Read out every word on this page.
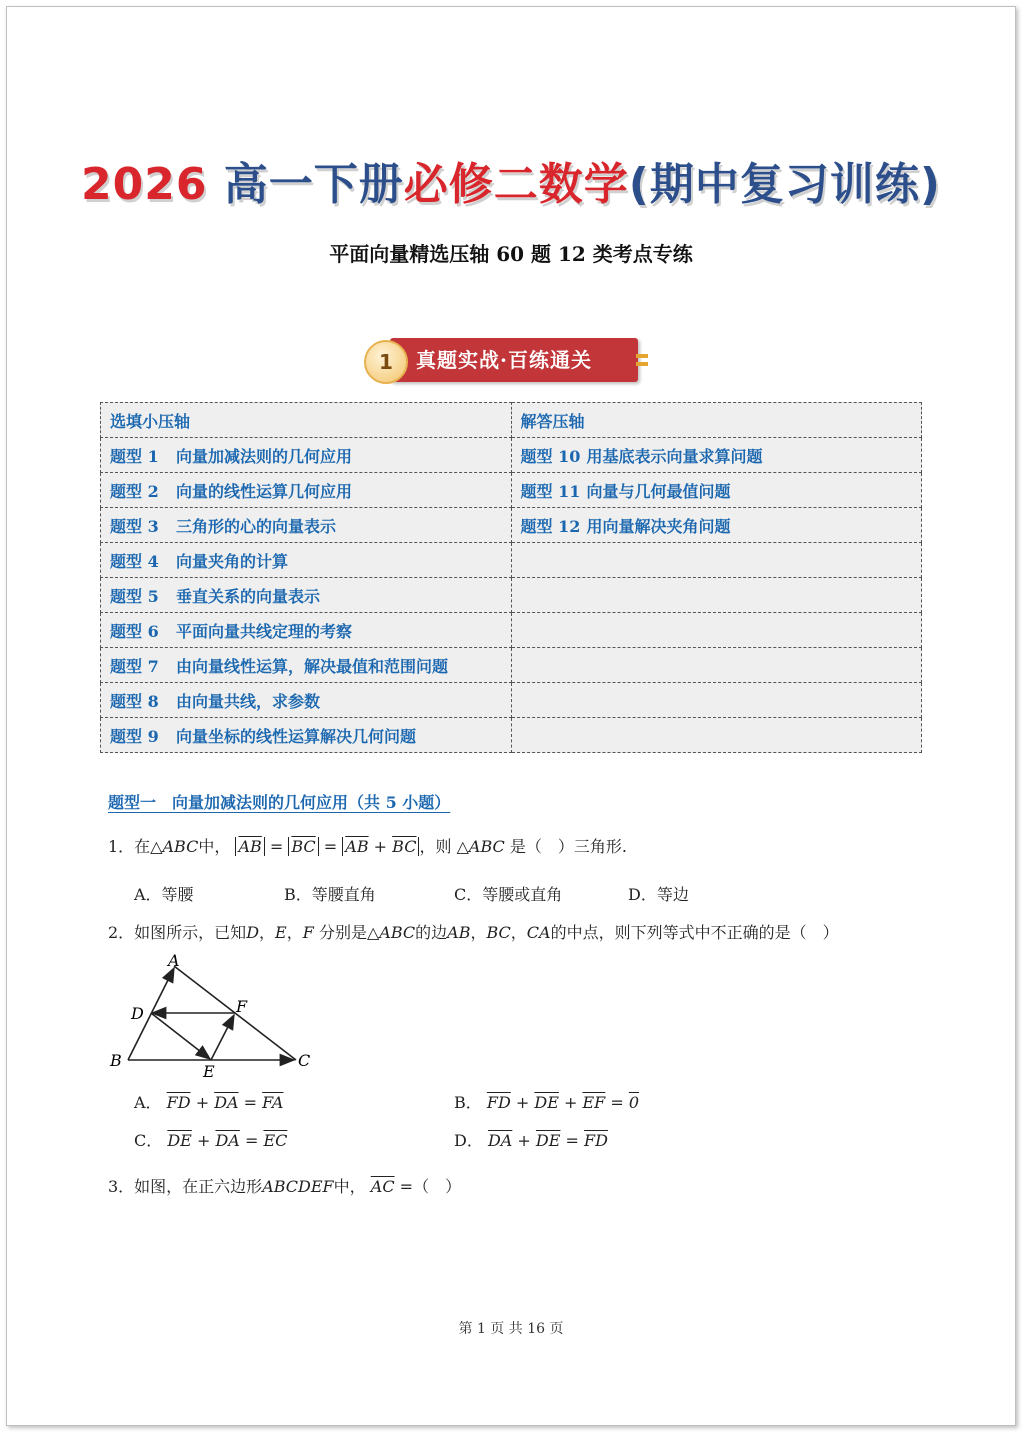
2026 高一下册必修二数学(期中复习训练)
平面向量精选压轴 60 题 12 类考点专练
真题实战·百练通关
1
选填小压轴	解答压轴
题型 1 向量加减法则的几何应用	题型 10 用基底表示向量求算问题
题型 2 向量的线性运算几何应用	题型 11 向量与几何最值问题
题型 3 三角形的心的向量表示	题型 12 用向量解决夹角问题
题型 4 向量夹角的计算	
题型 5 垂直关系的向量表示	
题型 6 平面向量共线定理的考察	
题型 7 由向量线性运算，解决最值和范围问题	
题型 8 由向量共线，求参数	
题型 9 向量坐标的线性运算解决几何问题	
题型一　向量加减法则的几何应用（共 5 小题）
1．在△ABC中， $\overline{AB} = \overline{BC} = \overline{AB} + \overline{BC}$ ，则 △ABC 是（　）三角形.
A．等腰	B．等腰直角	C．等腰或直角	D．等边
2．如图所示，已知D，E，F 分别是△ABC的边AB，BC，CA的中点，则下列等式中不正确的是（　）
A
B	C
D
E
F
A． $\overline{FD} + \overline{DA} = \overline{FA}$	B． $\overline{FD} + \overline{DE} + \overline{EF} = 0$
C． $\overline{DE} + \overline{DA} = \overline{EC}$	D． $\overline{DA} + \overline{DE} = \overline{FD}$
3．如图，在正六边形ABCDEF中， $\overline{AC}$ =（　）
第 1 页 共 16 页
